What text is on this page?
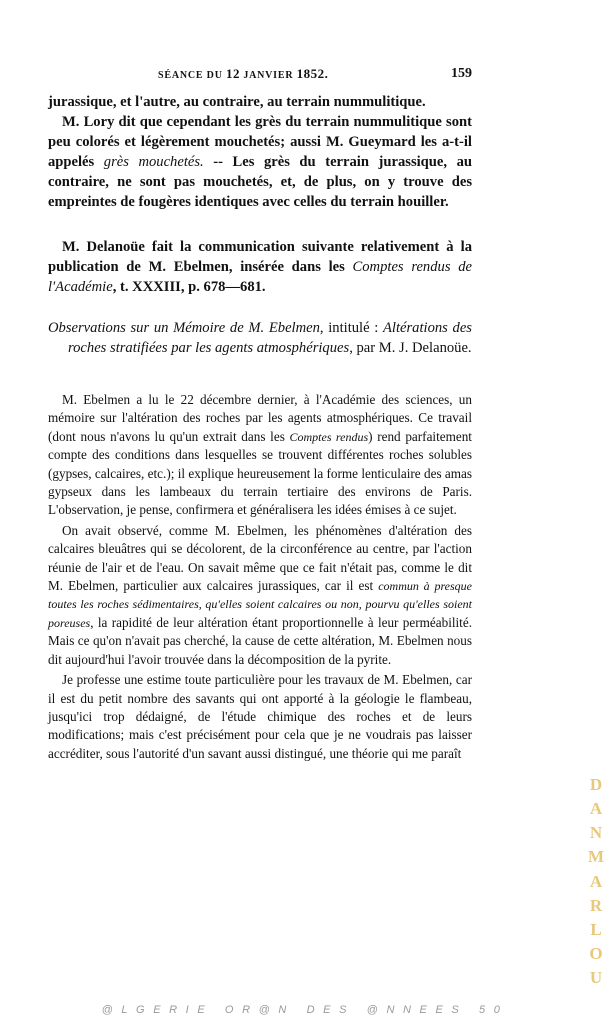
SÉANCE DU 12 JANVIER 1852.	159

jurassique, et l'autre, au contraire, au terrain nummulitique.

M. Lory dit que cependant les grès du terrain nummulitique sont peu colorés et légèrement mouchetés; aussi M. Gueymard les a-t-il appelés grès mouchetés. -- Les grès du terrain jurassique, au contraire, ne sont pas mouchetés, et, de plus, on y trouve des empreintes de fougères identiques avec celles du terrain houiller.

M. Delanoüe fait la communication suivante relativement à la publication de M. Ebelmen, insérée dans les Comptes rendus de l'Académie, t. XXXIII, p. 678—681.

Observations sur un Mémoire de M. Ebelmen, intitulé : Altérations des roches stratifiées par les agents atmosphériques, par M. J. Delanoüe.

M. Ebelmen a lu le 22 décembre dernier, à l'Académie des sciences, un mémoire sur l'altération des roches par les agents atmosphériques. Ce travail (dont nous n'avons lu qu'un extrait dans les Comptes rendus) rend parfaitement compte des conditions dans lesquelles se trouvent différentes roches solubles (gypses, calcaires, etc.); il explique heureusement la forme lenticulaire des amas gypseux dans les lambeaux du terrain tertiaire des environs de Paris. L'observation, je pense, confirmera et généralisera les idées émises à ce sujet.

On avait observé, comme M. Ebelmen, les phénomènes d'altération des calcaires bleuâtres qui se décolorent, de la circonférence au centre, par l'action réunie de l'air et de l'eau. On savait même que ce fait n'était pas, comme le dit M. Ebelmen, particulier aux calcaires jurassiques, car il est commun à presque toutes les roches sédimentaires, qu'elles soient calcaires ou non, pourvu qu'elles soient poreuses, la rapidité de leur altération étant proportionnelle à leur perméabilité. Mais ce qu'on n'avait pas cherché, la cause de cette altération, M. Ebelmen nous dit aujourd'hui l'avoir trouvée dans la décomposition de la pyrite.

Je professe une estime toute particulière pour les travaux de M. Ebelmen, car il est du petit nombre des savants qui ont apporté à la géologie le flambeau, jusqu'ici trop dédaigné, de l'étude chimique des roches et de leurs modifications; mais c'est précisément pour cela que je ne voudrais pas laisser accréditer, sous l'autorité d'un savant aussi distingué, une théorie qui me paraît

D
A
N
M
A
R
L
O
U
@LGERIE OR@N DES @NNEES 50
